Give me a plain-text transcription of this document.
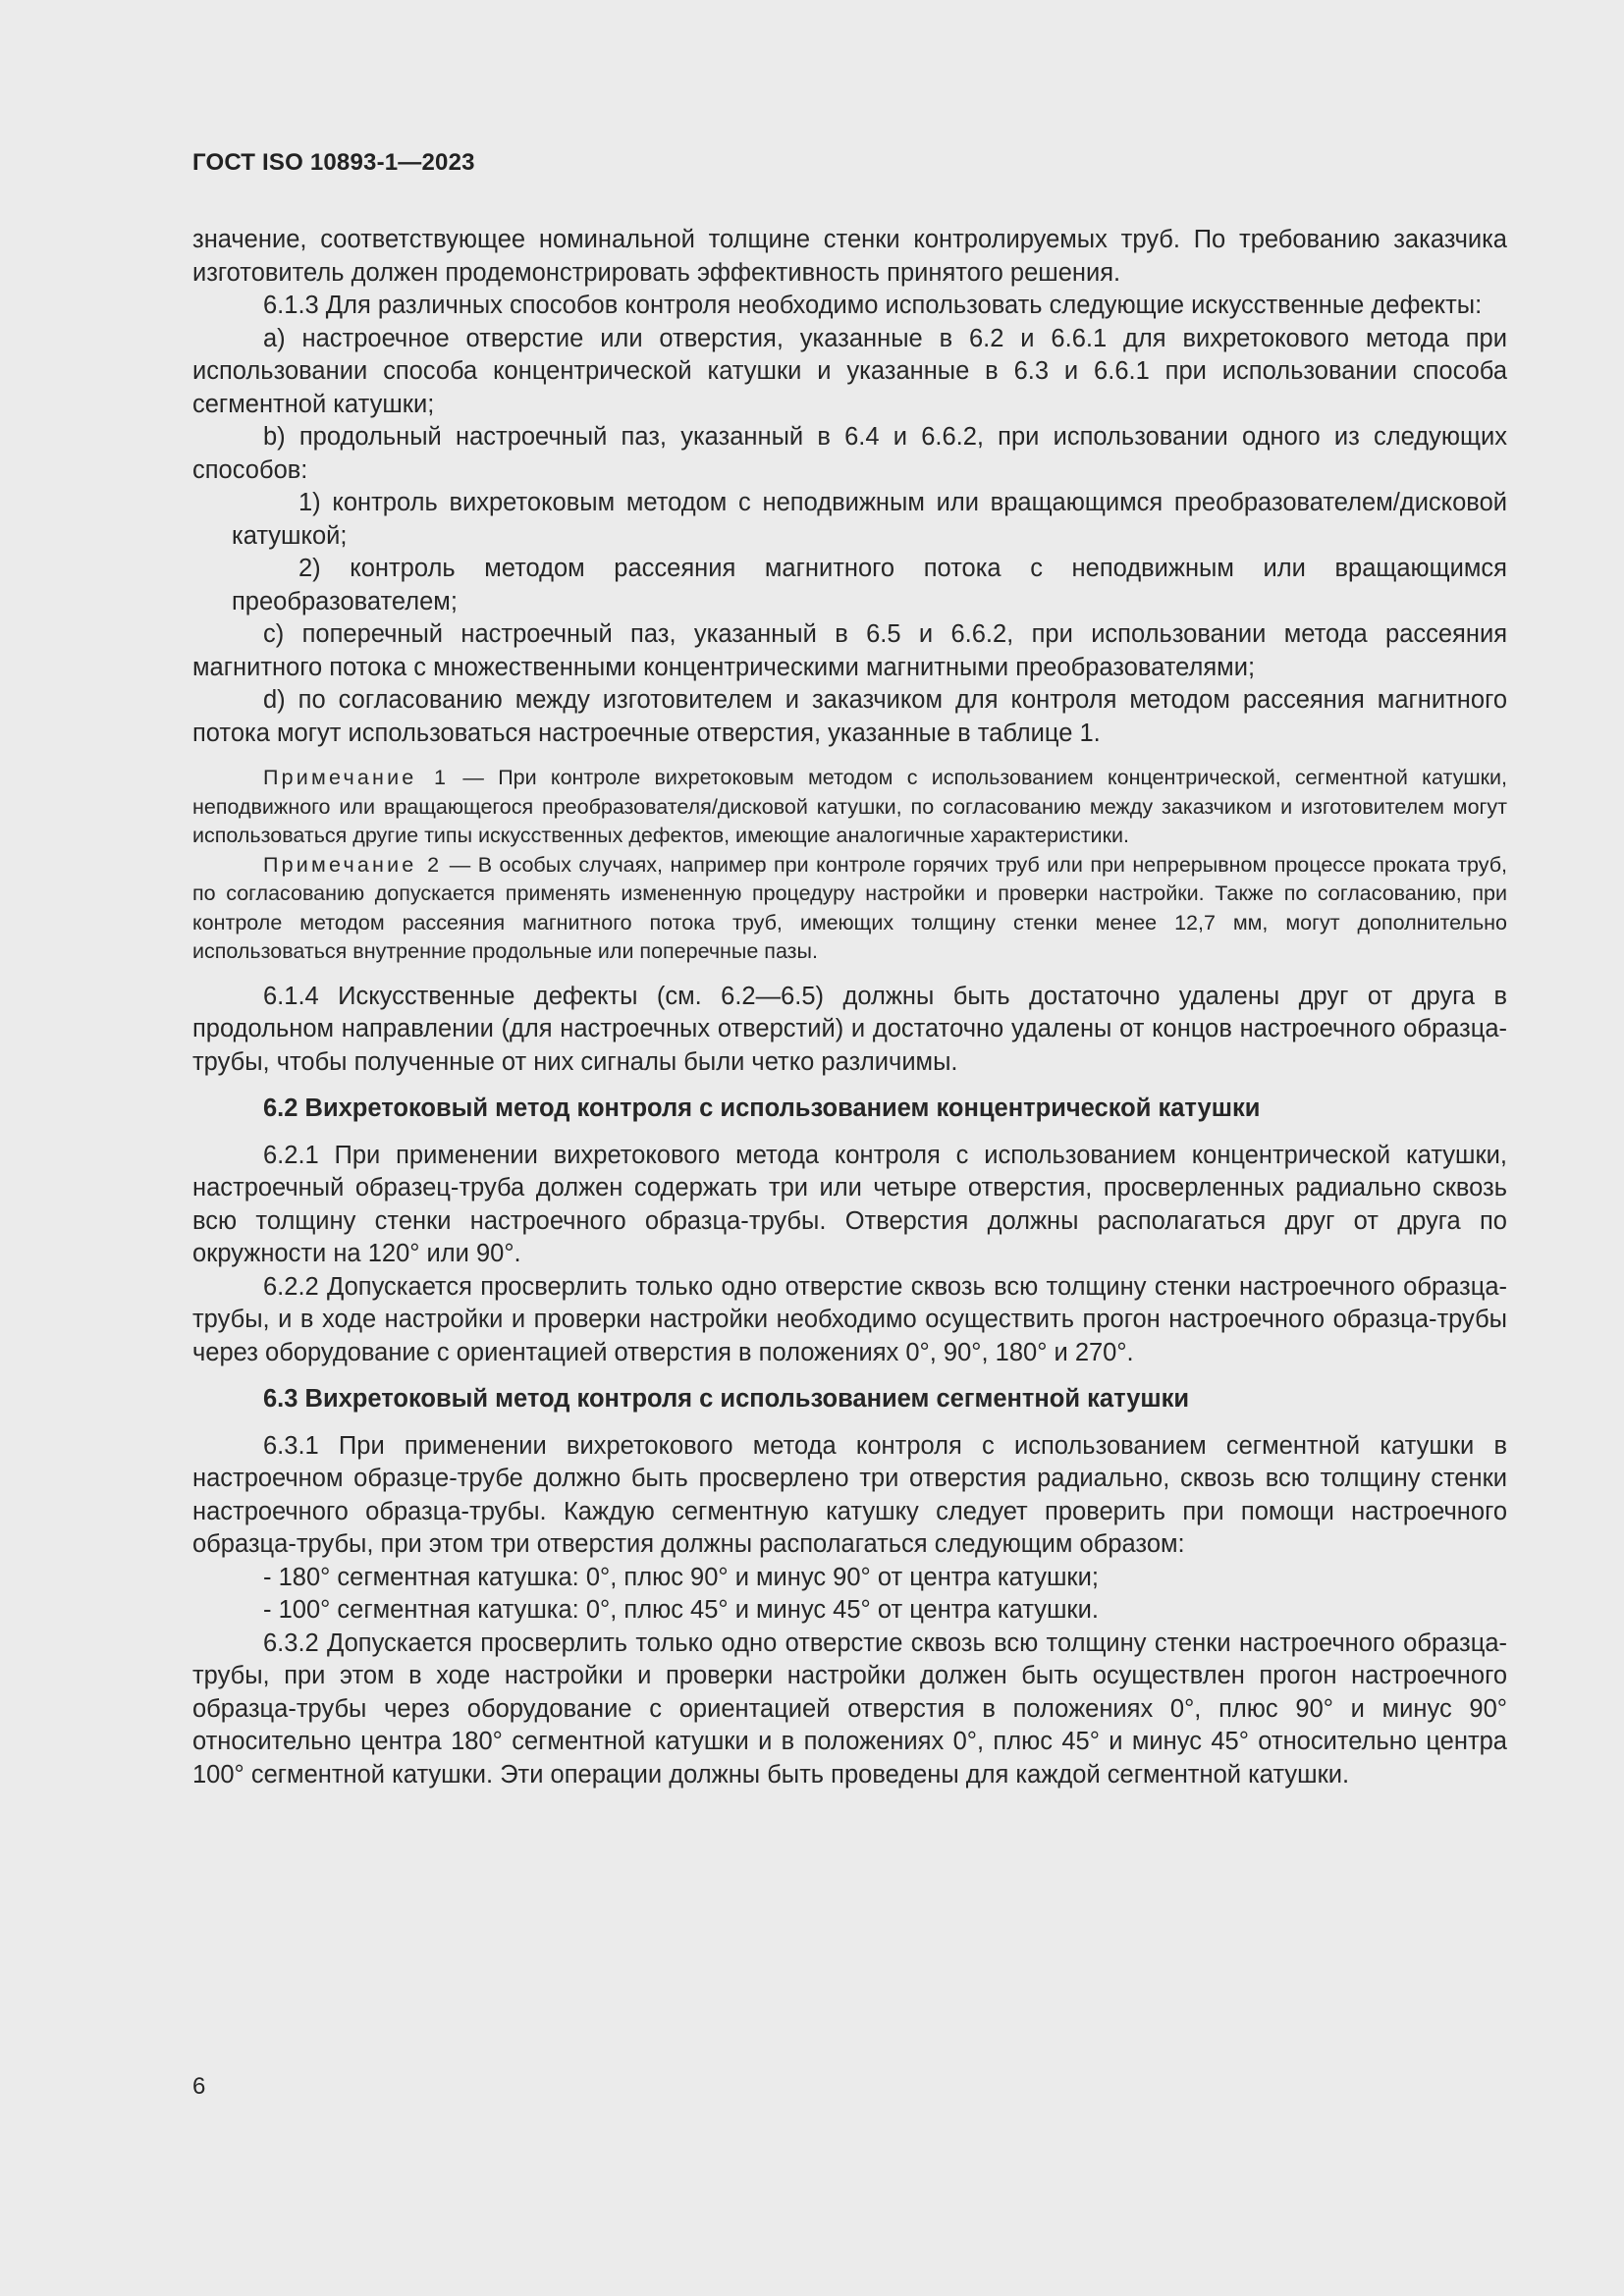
ГОСТ ISO 10893-1—2023

значение, соответствующее номинальной толщине стенки контролируемых труб. По требованию заказчика изготовитель должен продемонстрировать эффективность принятого решения.

6.1.3 Для различных способов контроля необходимо использовать следующие искусственные дефекты:

a) настроечное отверстие или отверстия, указанные в 6.2 и 6.6.1 для вихретокового метода при использовании способа концентрической катушки и указанные в 6.3 и 6.6.1 при использовании способа сегментной катушки;

b) продольный настроечный паз, указанный в 6.4 и 6.6.2, при использовании одного из следующих способов:

1) контроль вихретоковым методом с неподвижным или вращающимся преобразователем/дисковой катушкой;

2) контроль методом рассеяния магнитного потока с неподвижным или вращающимся преобразователем;

c) поперечный настроечный паз, указанный в 6.5 и 6.6.2, при использовании метода рассеяния магнитного потока с множественными концентрическими магнитными преобразователями;

d) по согласованию между изготовителем и заказчиком для контроля методом рассеяния магнитного потока могут использоваться настроечные отверстия, указанные в таблице 1.

Примечание 1 — При контроле вихретоковым методом с использованием концентрической, сегментной катушки, неподвижного или вращающегося преобразователя/дисковой катушки, по согласованию между заказчиком и изготовителем могут использоваться другие типы искусственных дефектов, имеющие аналогичные характеристики.

Примечание 2 — В особых случаях, например при контроле горячих труб или при непрерывном процессе проката труб, по согласованию допускается применять измененную процедуру настройки и проверки настройки. Также по согласованию, при контроле методом рассеяния магнитного потока труб, имеющих толщину стенки менее 12,7 мм, могут дополнительно использоваться внутренние продольные или поперечные пазы.

6.1.4 Искусственные дефекты (см. 6.2—6.5) должны быть достаточно удалены друг от друга в продольном направлении (для настроечных отверстий) и достаточно удалены от концов настроечного образца-трубы, чтобы полученные от них сигналы были четко различимы.

6.2 Вихретоковый метод контроля с использованием концентрической катушки

6.2.1 При применении вихретокового метода контроля с использованием концентрической катушки, настроечный образец-труба должен содержать три или четыре отверстия, просверленных радиально сквозь всю толщину стенки настроечного образца-трубы. Отверстия должны располагаться друг от друга по окружности на 120° или 90°.

6.2.2 Допускается просверлить только одно отверстие сквозь всю толщину стенки настроечного образца-трубы, и в ходе настройки и проверки настройки необходимо осуществить прогон настроечного образца-трубы через оборудование с ориентацией отверстия в положениях 0°, 90°, 180° и 270°.

6.3 Вихретоковый метод контроля с использованием сегментной катушки

6.3.1 При применении вихретокового метода контроля с использованием сегментной катушки в настроечном образце-трубе должно быть просверлено три отверстия радиально, сквозь всю толщину стенки настроечного образца-трубы. Каждую сегментную катушку следует проверить при помощи настроечного образца-трубы, при этом три отверстия должны располагаться следующим образом:

- 180° сегментная катушка: 0°, плюс 90° и минус 90° от центра катушки;

- 100° сегментная катушка: 0°, плюс 45° и минус 45° от центра катушки.

6.3.2 Допускается просверлить только одно отверстие сквозь всю толщину стенки настроечного образца-трубы, при этом в ходе настройки и проверки настройки должен быть осуществлен прогон настроечного образца-трубы через оборудование с ориентацией отверстия в положениях 0°, плюс 90° и минус 90° относительно центра 180° сегментной катушки и в положениях 0°, плюс 45° и минус 45° относительно центра 100° сегментной катушки. Эти операции должны быть проведены для каждой сегментной катушки.

6
